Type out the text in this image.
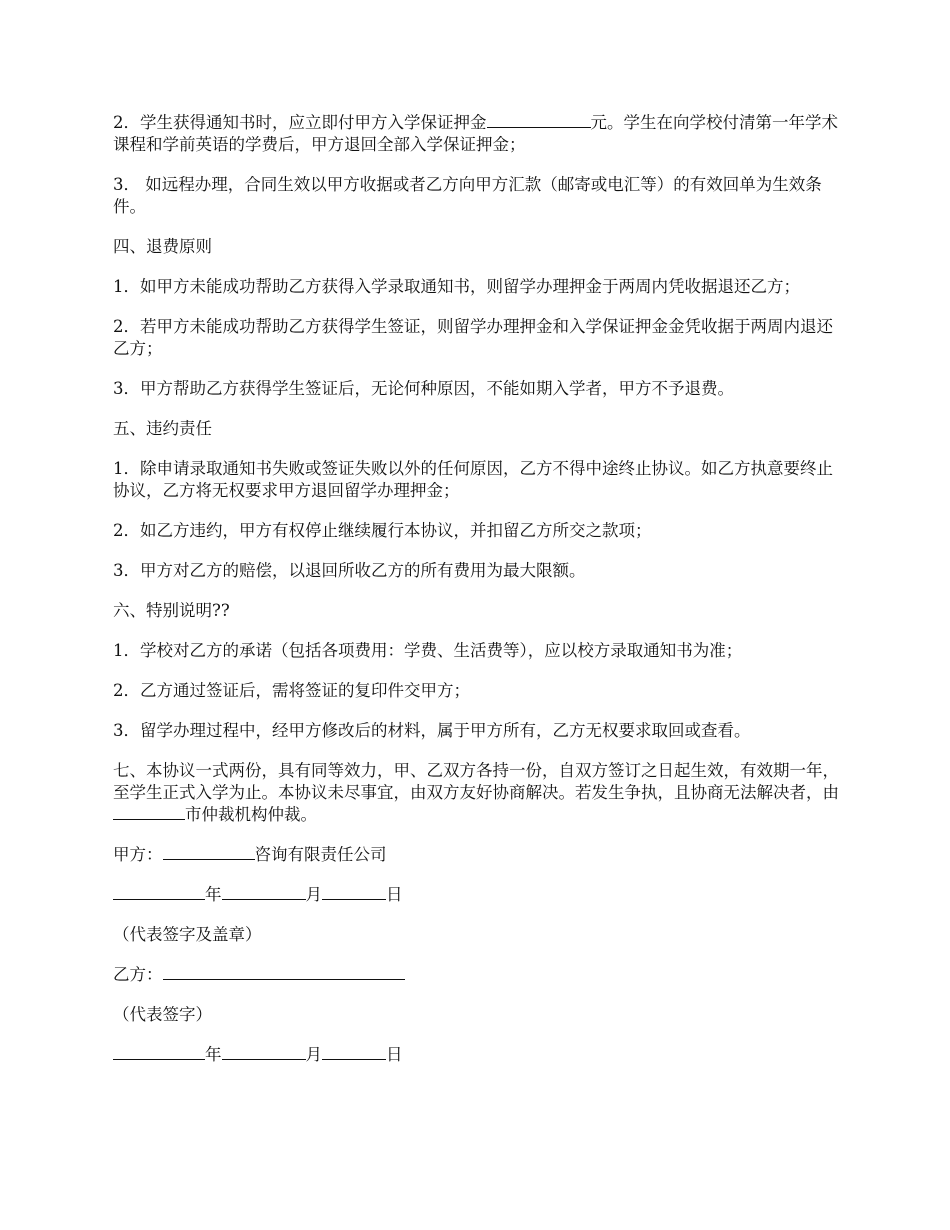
2．学生获得通知书时，应立即付甲方入学保证押金	元。学生在向学校付清第一年学术课程和学前英语的学费后，甲方退回全部入学保证押金；

3． 如远程办理，合同生效以甲方收据或者乙方向甲方汇款（邮寄或电汇等）的有效回单为生效条件。

四、退费原则

1．如甲方未能成功帮助乙方获得入学录取通知书，则留学办理押金于两周内凭收据退还乙方；

2．若甲方未能成功帮助乙方获得学生签证，则留学办理押金和入学保证押金金凭收据于两周内退还乙方；

3．甲方帮助乙方获得学生签证后，无论何种原因，不能如期入学者，甲方不予退费。

五、违约责任

1．除申请录取通知书失败或签证失败以外的任何原因，乙方不得中途终止协议。如乙方执意要终止协议，乙方将无权要求甲方退回留学办理押金；

2．如乙方违约，甲方有权停止继续履行本协议，并扣留乙方所交之款项；

3．甲方对乙方的赔偿，以退回所收乙方的所有费用为最大限额。

六、特别说明??

1．学校对乙方的承诺（包括各项费用：学费、生活费等），应以校方录取通知书为准；

2．乙方通过签证后，需将签证的复印件交甲方；

3．留学办理过程中，经甲方修改后的材料，属于甲方所有，乙方无权要求取回或查看。

七、本协议一式两份，具有同等效力，甲、乙双方各持一份，自双方签订之日起生效，有效期一年，至学生正式入学为止。本协议未尽事宜，由双方友好协商解决。若发生争执，且协商无法解决者，由市仲裁机构仲裁。

甲方：	咨询有限责任公司
年	月	日
（代表签字及盖章）
乙方：
（代表签字）
年	月	日
